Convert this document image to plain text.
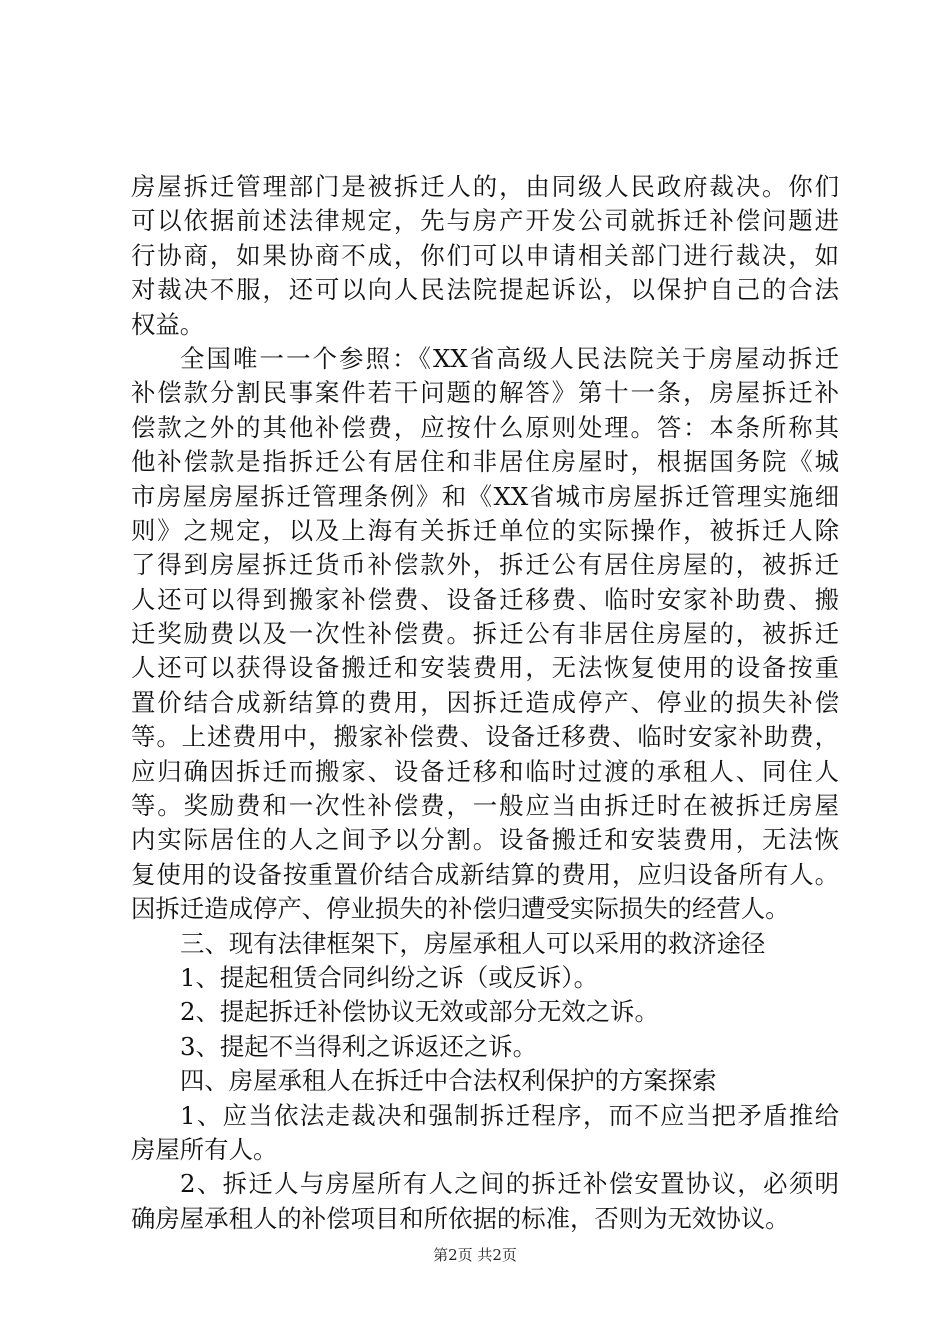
房屋拆迁管理部门是被拆迁人的，由同级人民政府裁决。你们
可以依据前述法律规定，先与房产开发公司就拆迁补偿问题进
行协商，如果协商不成，你们可以申请相关部门进行裁决，如
对裁决不服，还可以向人民法院提起诉讼，以保护自己的合法
权益。
全国唯一一个参照：《XX省高级人民法院关于房屋动拆迁
补偿款分割民事案件若干问题的解答》第十一条，房屋拆迁补
偿款之外的其他补偿费，应按什么原则处理。答：本条所称其
他补偿款是指拆迁公有居住和非居住房屋时，根据国务院《城
市房屋房屋拆迁管理条例》和《XX省城市房屋拆迁管理实施细
则》之规定，以及上海有关拆迁单位的实际操作，被拆迁人除
了得到房屋拆迁货币补偿款外，拆迁公有居住房屋的，被拆迁
人还可以得到搬家补偿费、设备迁移费、临时安家补助费、搬
迁奖励费以及一次性补偿费。拆迁公有非居住房屋的，被拆迁
人还可以获得设备搬迁和安装费用，无法恢复使用的设备按重
置价结合成新结算的费用，因拆迁造成停产、停业的损失补偿
等。上述费用中，搬家补偿费、设备迁移费、临时安家补助费，
应归确因拆迁而搬家、设备迁移和临时过渡的承租人、同住人
等。奖励费和一次性补偿费，一般应当由拆迁时在被拆迁房屋
内实际居住的人之间予以分割。设备搬迁和安装费用，无法恢
复使用的设备按重置价结合成新结算的费用，应归设备所有人。
因拆迁造成停产、停业损失的补偿归遭受实际损失的经营人。
三、现有法律框架下，房屋承租人可以采用的救济途径
1、提起租赁合同纠纷之诉（或反诉）。
2、提起拆迁补偿协议无效或部分无效之诉。
3、提起不当得利之诉返还之诉。
四、房屋承租人在拆迁中合法权利保护的方案探索
1、应当依法走裁决和强制拆迁程序，而不应当把矛盾推给
房屋所有人。
2、拆迁人与房屋所有人之间的拆迁补偿安置协议，必须明
确房屋承租人的补偿项目和所依据的标准，否则为无效协议。
第2页 共2页
